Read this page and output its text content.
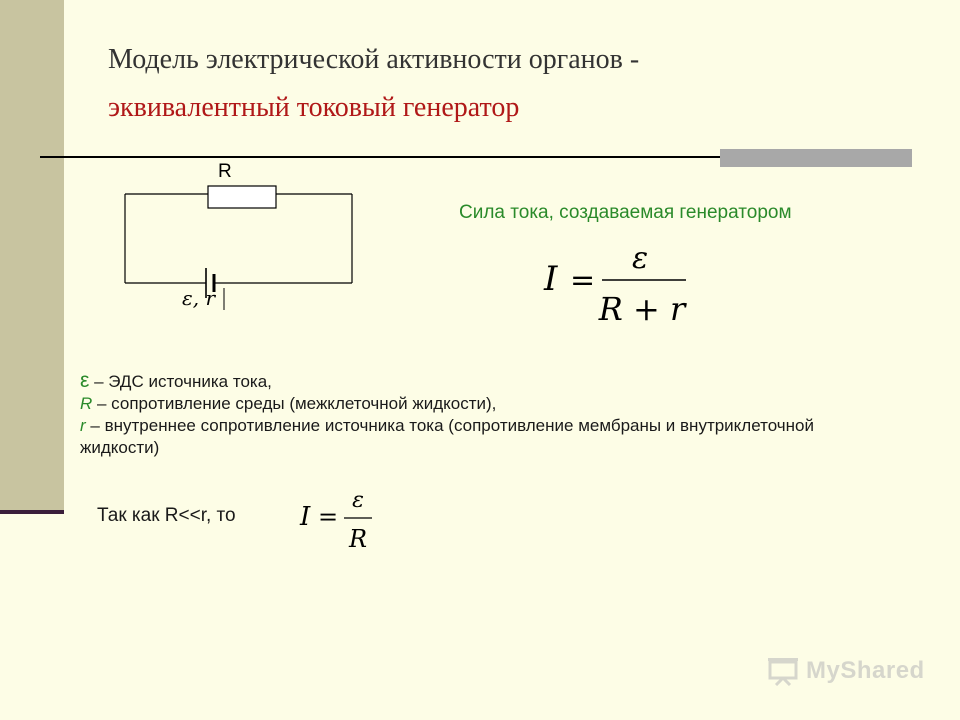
Модель электрической активности органов -
эквивалентный токовый генератор
R
ε, r
Сила тока, создаваемая генератором
I =
ε
R + r
ε – ЭДС источника тока,
R – сопротивление среды (межклеточной жидкости),
r – внутреннее сопротивление источника тока (сопротивление мембраны и внутриклеточной жидкости)
Так как R<<r, то I =
ε
R
MyShared
